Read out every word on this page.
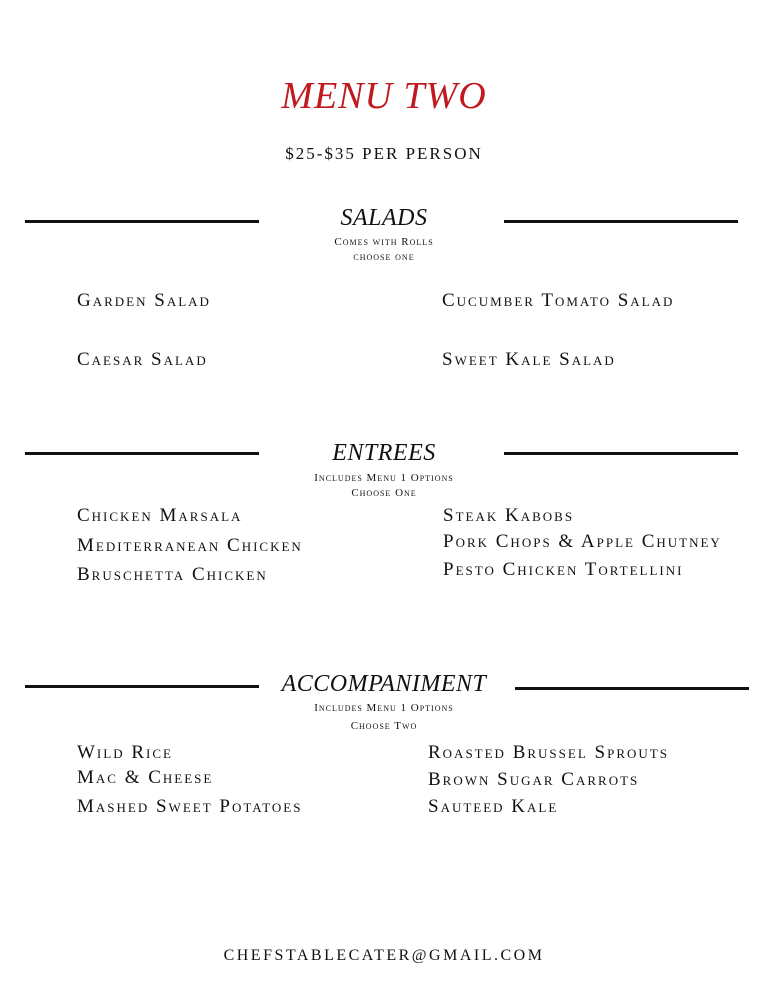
MENU TWO
$25-$35 PER PERSON
SALADS
Comes with Rolls
choose one
Garden Salad
Caesar Salad
Cucumber Tomato Salad
Sweet Kale Salad
ENTREES
Includes Menu 1 Options
Choose One
Chicken Marsala
Mediterranean Chicken
Bruschetta Chicken
Steak Kabobs
Pork Chops & Apple Chutney
Pesto Chicken Tortellini
ACCOMPANIMENT
Includes Menu 1 Options
Choose Two
Wild Rice
Mac & Cheese
Mashed Sweet Potatoes
Roasted Brussel Sprouts
Brown Sugar Carrots
Sauteed Kale
CHEFSTABLECATER@GMAIL.COM
